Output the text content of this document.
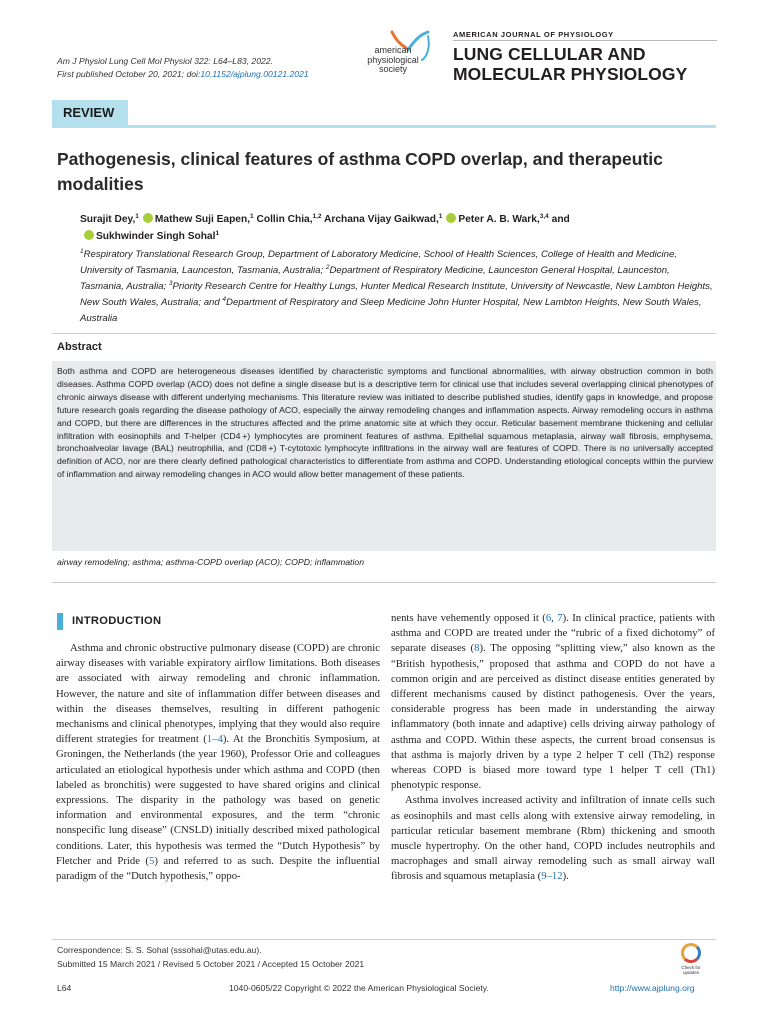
Am J Physiol Lung Cell Mol Physiol 322: L64–L83, 2022.
First published October 20, 2021; doi:10.1152/ajplung.00121.2021
american
physiological
society
AMERICAN JOURNAL OF PHYSIOLOGY
LUNG CELLULAR AND
MOLECULAR PHYSIOLOGY
REVIEW
Pathogenesis, clinical features of asthma COPD overlap, and therapeutic modalities
Surajit Dey,$^1$ Mathew Suji Eapen,$^1$ Collin Chia,$^{1,2}$ Archana Vijay Gaikwad,$^1$ Peter A. B. Wark,$^{3,4}$ and
Sukhwinder Singh Sohal$^1$
$^1$Respiratory Translational Research Group, Department of Laboratory Medicine, School of Health Sciences, College of Health and Medicine, University of Tasmania, Launceston, Tasmania, Australia; $^2$Department of Respiratory Medicine, Launceston General Hospital, Launceston, Tasmania, Australia; $^3$Priority Research Centre for Healthy Lungs, Hunter Medical Research Institute, University of Newcastle, New Lambton Heights, New South Wales, Australia; and $^4$Department of Respiratory and Sleep Medicine John Hunter Hospital, New Lambton Heights, New South Wales, Australia
Abstract

Both asthma and COPD are heterogeneous diseases identified by characteristic symptoms and functional abnormalities, with airway obstruction common in both diseases. Asthma COPD overlap (ACO) does not define a single disease but is a descriptive term for clinical use that includes several overlapping clinical phenotypes of chronic airways disease with different underlying mechanisms. This literature review was initiated to describe published studies, identify gaps in knowledge, and propose future research goals regarding the disease pathology of ACO, especially the airway remodeling changes and inflammation aspects. Airway remodeling occurs in asthma and COPD, but there are differences in the structures affected and the prime anatomic site at which they occur. Reticular basement membrane thickening and cellular infiltration with eosinophils and T-helper (CD4 +) lymphocytes are prominent features of asthma. Epithelial squamous metaplasia, airway wall fibrosis, emphysema, bronchoalveolar lavage (BAL) neutrophilia, and (CD8 +) T-cytotoxic lymphocyte infiltrations in the airway wall are features of COPD. There is no universally accepted definition of ACO, nor are there clearly defined pathological characteristics to differentiate from asthma and COPD. Understanding etiological concepts within the purview of inflammation and airway remodeling changes in ACO would allow better management of these patients.

airway remodeling; asthma; asthma-COPD overlap (ACO); COPD; inflammation
INTRODUCTION

Asthma and chronic obstructive pulmonary disease (COPD) are chronic airway diseases with variable expiratory airflow limitations. Both diseases are associated with airway remodeling and chronic inflammation. However, the nature and site of inflammation differ between diseases and within the diseases themselves, resulting in different pathogenic mechanisms and clinical phenotypes, implying that they would also require different strategies for treatment (1–4). At the Bronchitis Symposium, at Groningen, the Netherlands (the year 1960), Professor Orie and colleagues articulated an etiological hypothesis under which asthma and COPD (then labeled as bronchitis) were suggested to have shared origins and clinical expressions. The disparity in the pathology was based on genetic information and environmental exposures, and the term “chronic nonspecific lung disease” (CNSLD) initially described mixed pathological conditions. Later, this hypothesis was termed the “Dutch Hypothesis” by Fletcher and Pride (5) and referred to as such. Despite the influential paradigm of the “Dutch hypothesis,” oppo-

nents have vehemently opposed it (6, 7). In clinical practice, patients with asthma and COPD are treated under the “rubric of a fixed dichotomy” of separate diseases (8). The opposing “splitting view,” also known as the “British hypothesis,” proposed that asthma and COPD do not have a common origin and are perceived as distinct disease entities generated by different mechanisms caused by distinct pathogenesis. Over the years, considerable progress has been made in understanding the airway inflammatory (both innate and adaptive) cells driving airway pathology of asthma and COPD. Within these aspects, the current broad consensus is that asthma is majorly driven by a type 2 helper T cell (Th2) response whereas COPD is biased more toward type 1 helper T cell (Th1) phenotypic response.

Asthma involves increased activity and infiltration of innate cells such as eosinophils and mast cells along with extensive airway remodeling, in particular reticular basement membrane (Rbm) thickening and smooth muscle hypertrophy. On the other hand, COPD includes neutrophils and macrophages and small airway remodeling such as small airway wall fibrosis and squamous metaplasia (9–12).

Correspondence: S. S. Sohal (sssohal@utas.edu.au).
Submitted 15 March 2021 / Revised 5 October 2021 / Accepted 15 October 2021	Check for updates
L64	1040-0605/22 Copyright © 2022 the American Physiological Society.	http://www.ajplung.org
